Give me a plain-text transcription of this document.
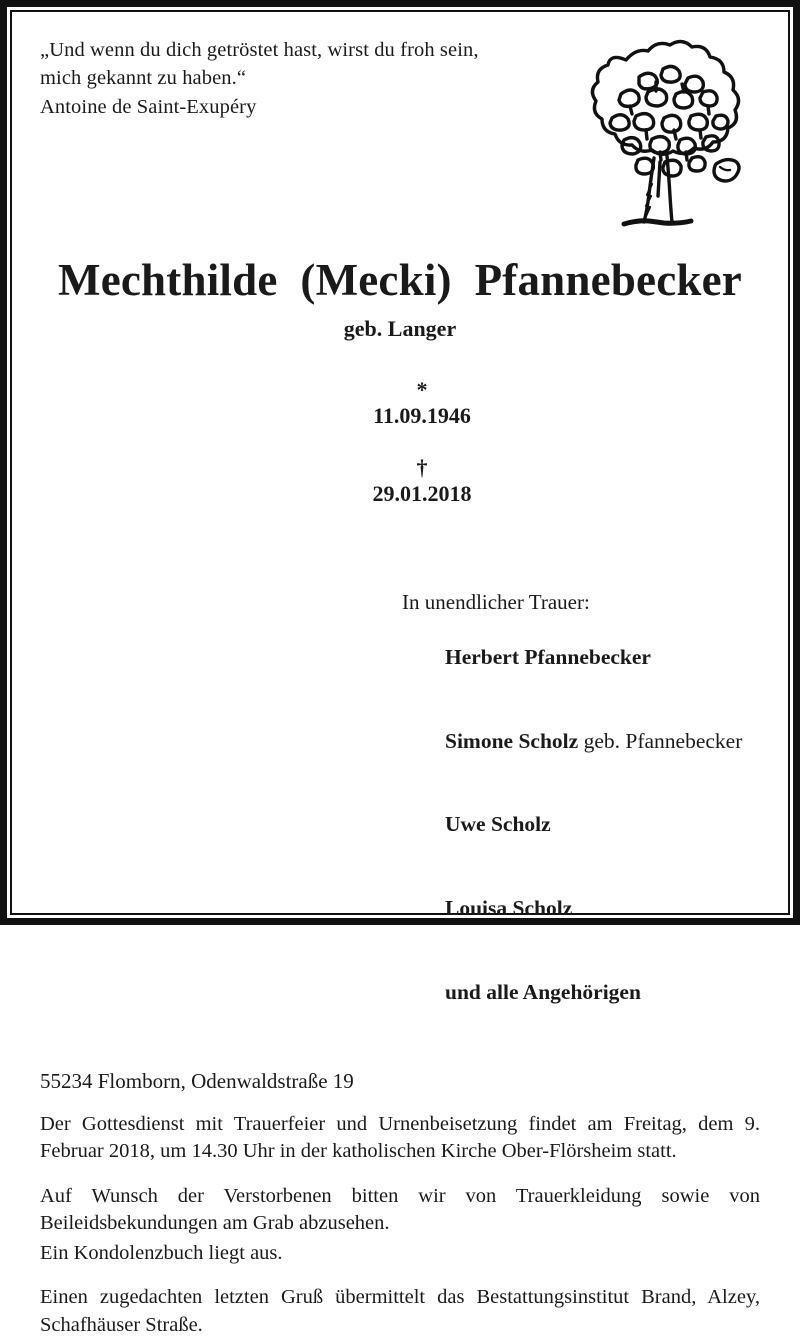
„Und wenn du dich getröstet hast, wirst du froh sein,
mich gekannt zu haben.“
Antoine de Saint-Exupéry
Mechthilde  (Mecki)  Pfannebecker
geb. Langer

*
11.09.1946

†
29.01.2018

In unendlicher Trauer:

Herbert Pfannebecker

Simone Scholz geb. Pfannebecker

Uwe Scholz

Louisa Scholz

und alle Angehörigen

55234 Flomborn, Odenwaldstraße 19
Der Gottesdienst mit Trauerfeier und Urnenbeisetzung findet am Freitag, dem 9. Februar 2018, um 14.30 Uhr in der katholischen Kirche Ober-Flörsheim statt.
Auf Wunsch der Verstorbenen bitten wir von Trauerkleidung sowie von Beileidsbekundungen am Grab abzusehen.
Ein Kondolenzbuch liegt aus.
Einen zugedachten letzten Gruß übermittelt das Bestattungsinstitut Brand, Alzey, Schafhäuser Straße.
